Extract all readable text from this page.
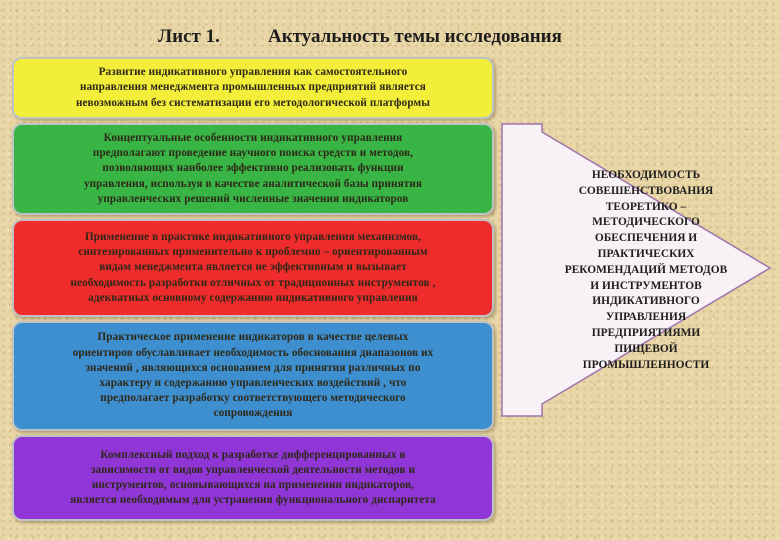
Лист 1.	Актуальность темы исследования
Развитие индикативного управления как самостоятельного
направления менеджмента промышленных предприятий является
невозможным без систематизации его методологической платформы
Концептуальные особенности индикативного управления
предполагают проведение научного поиска средств и методов,
позволяющих наиболее эффективно реализовать функции
управления, используя в качестве аналитической базы принятия
управленческих решений численные значения индикаторов
Применение в практике индикативного управления механизмов,
синтезированных применительно к проблемно – ориентированным
видам менеджмента является не эффективным и вызывает
необходимость разработки отличных от традиционных инструментов ,
адекватных основному содержанию индикативного управления
Практическое применение индикаторов в качестве целевых
ориентиров обуславливает необходимость обоснования диапазонов их
значений , являющихся основанием для принятия различных по
характеру и содержанию управленческих воздействий , что
предполагает разработку соответствующего методического
сопровождения
Комплексный подход к разработке дифференцированных в
зависимости от видов управленческой деятельности методов и
инструментов, основывающихся на применении индикаторов,
является необходимым для устранения функционального диспаритета
НЕОБХОДИМОСТЬ
СОВЕШЕНСТВОВАНИЯ
ТЕОРЕТИКО –
МЕТОДИЧЕСКОГО
ОБЕСПЕЧЕНИЯ И
ПРАКТИЧЕСКИХ
РЕКОМЕНДАЦИЙ МЕТОДОВ
И ИНСТРУМЕНТОВ
ИНДИКАТИВНОГО
УПРАВЛЕНИЯ
ПРЕДПРИЯТИЯМИ
ПИЩЕВОЙ
ПРОМЫШЛЕННОСТИ
